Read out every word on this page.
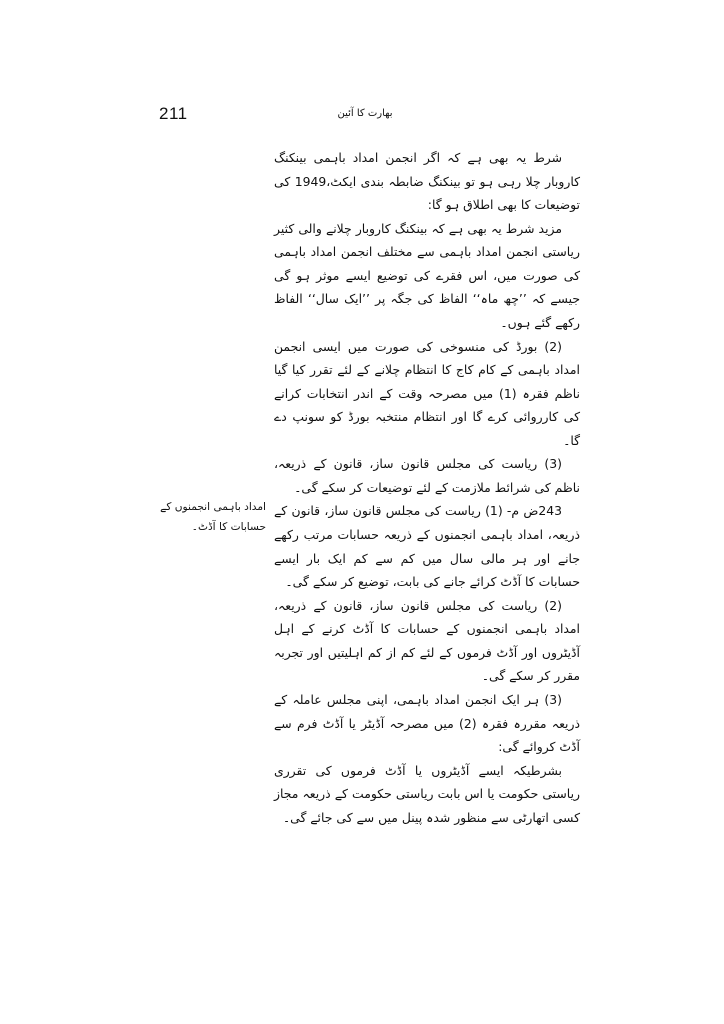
211	بھارت کا آئین
امداد باہمی انجمنوں کے
حسابات کا آڈٹ۔

شرط یہ بھی ہے کہ اگر انجمن امداد باہمی بینکنگ کاروبار چلا رہی ہو تو بینکنگ ضابطہ بندی ایکٹ،1949 کی توضیعات کا بھی اطلاق ہو گا:

مزید شرط یہ بھی ہے کہ بینکنگ کاروبار چلانے والی کثیر ریاستی انجمن امداد باہمی سے مختلف انجمن امداد باہمی کی صورت میں، اس فقرے کی توضیع ایسے موثر ہو گی جیسے کہ ’’چھ ماہ‘‘ الفاظ کی جگہ پر ’’ایک سال‘‘ الفاظ رکھے گئے ہوں۔

(2) بورڈ کی منسوخی کی صورت میں ایسی انجمن امداد باہمی کے کام کاج کا انتظام چلانے کے لئے تقرر کیا گیا ناظم فقرہ (1) میں مصرحہ وقت کے اندر انتخابات کرانے کی کارروائی کرے گا اور انتظام منتخبہ بورڈ کو سونپ دے گا۔

(3) ریاست کی مجلس قانون ساز، قانون کے ذریعہ، ناظم کی شرائط ملازمت کے لئے توضیعات کر سکے گی۔

243ض م- (1) ریاست کی مجلس قانون ساز، قانون کے ذریعہ، امداد باہمی انجمنوں کے ذریعہ حسابات مرتب رکھے جانے اور ہر مالی سال میں کم سے کم ایک بار ایسے حسابات کا آڈٹ کرائے جانے کی بابت، توضیع کر سکے گی۔

(2) ریاست کی مجلس قانون ساز، قانون کے ذریعہ، امداد باہمی انجمنوں کے حسابات کا آڈٹ کرنے کے اہل آڈیٹروں اور آڈٹ فرموں کے لئے کم از کم اہلیتیں اور تجربہ مقرر کر سکے گی۔

(3) ہر ایک انجمن امداد باہمی، اپنی مجلس عاملہ کے ذریعہ مقررہ فقرہ (2) میں مصرحہ آڈیٹر یا آڈٹ فرم سے آڈٹ کروائے گی:

بشرطیکہ ایسے آڈیٹروں یا آڈٹ فرموں کی تقرری ریاستی حکومت یا اس بابت ریاستی حکومت کے ذریعہ مجاز کسی اتھارٹی سے منظور شدہ پینل میں سے کی جائے گی۔
